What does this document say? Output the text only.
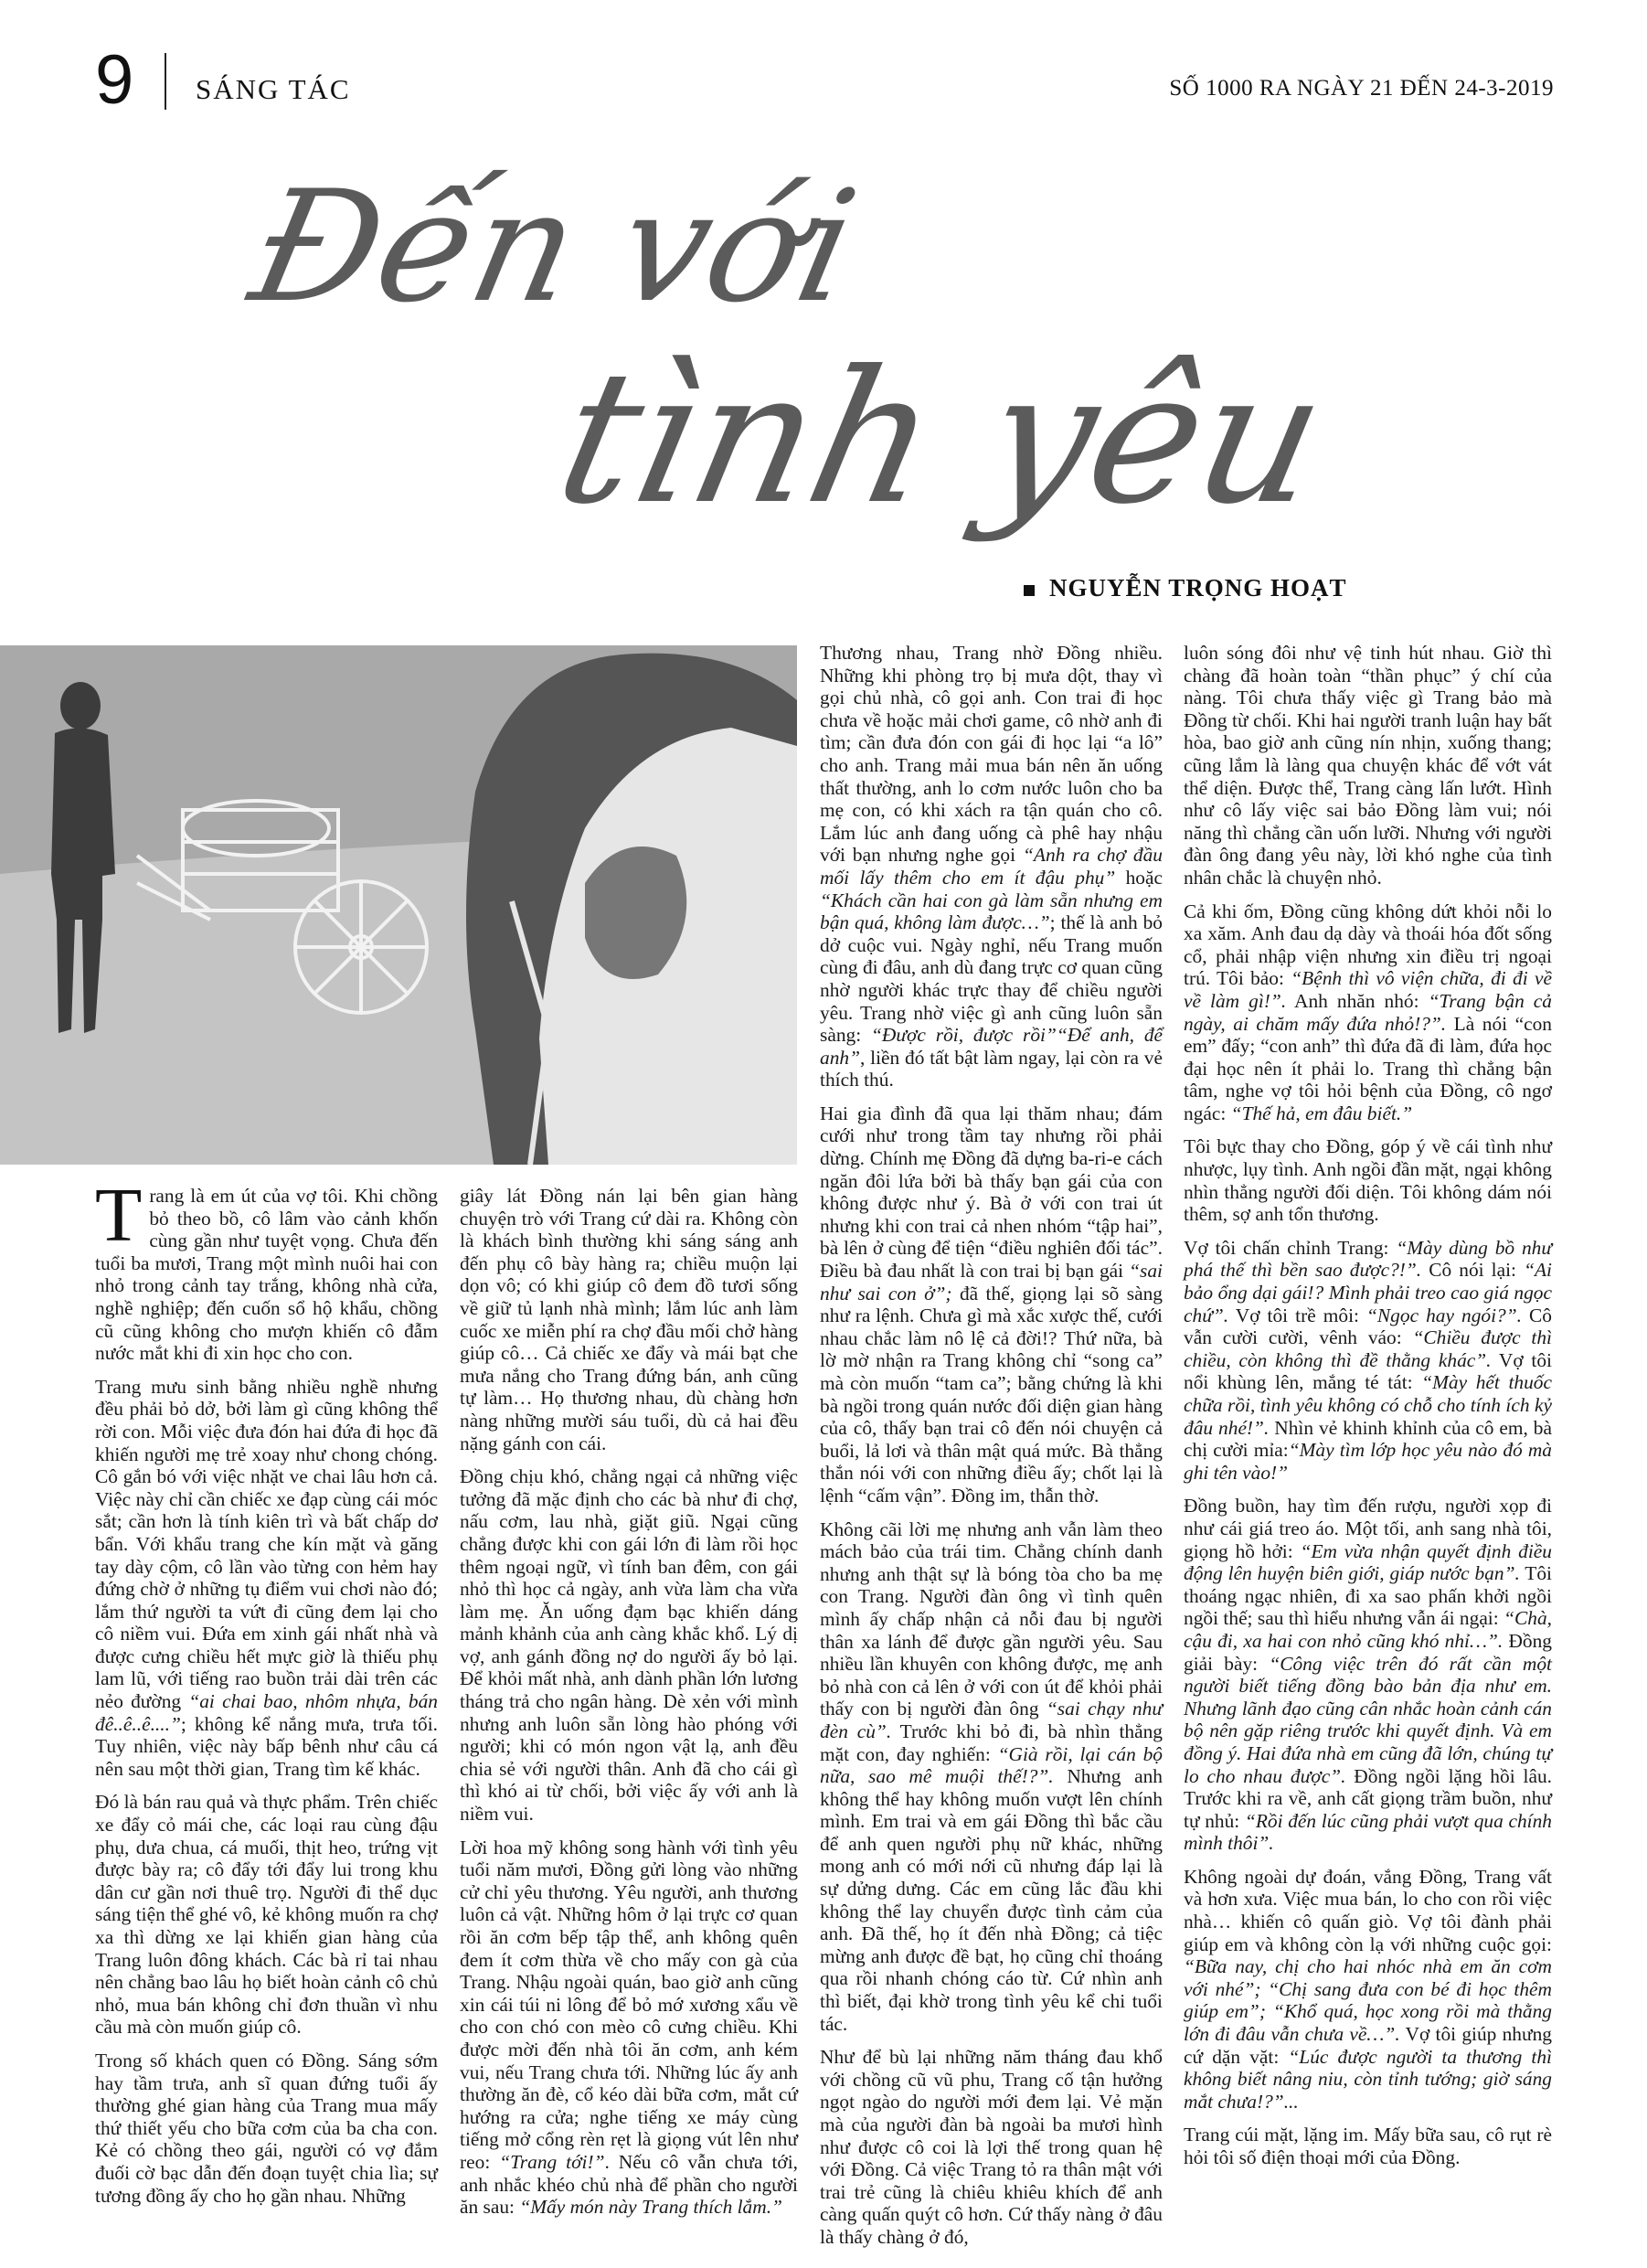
9 SÁNG TÁC	SỐ 1000 RA NGÀY 21 ĐẾN 24-3-2019
Đến với
tình yêu
NGUYỄN TRỌNG HOẠT

Trang là em út của vợ tôi. Khi chồng bỏ theo bồ, cô lâm vào cảnh khốn cùng gần như tuyệt vọng. Chưa đến tuổi ba mươi, Trang một mình nuôi hai con nhỏ trong cảnh tay trắng, không nhà cửa, nghề nghiệp; đến cuốn sổ hộ khẩu, chồng cũ cũng không cho mượn khiến cô đẫm nước mắt khi đi xin học cho con.

Trang mưu sinh bằng nhiều nghề nhưng đều phải bỏ dở, bởi làm gì cũng không thể rời con. Mỗi việc đưa đón hai đứa đi học đã khiến người mẹ trẻ xoay như chong chóng. Cô gắn bó với việc nhặt ve chai lâu hơn cả. Việc này chỉ cần chiếc xe đạp cùng cái móc sắt; cần hơn là tính kiên trì và bất chấp dơ bẩn. Với khẩu trang che kín mặt và găng tay dày cộm, cô lần vào từng con hẻm hay đứng chờ ở những tụ điểm vui chơi nào đó; lắm thứ người ta vứt đi cũng đem lại cho cô niềm vui. Đứa em xinh gái nhất nhà và được cưng chiều hết mực giờ là thiếu phụ lam lũ, với tiếng rao buồn trải dài trên các nẻo đường “ai chai bao, nhôm nhựa, bán đê..ê..ê....”; không kể nắng mưa, trưa tối. Tuy nhiên, việc này bấp bênh như câu cá nên sau một thời gian, Trang tìm kế khác.

Đó là bán rau quả và thực phẩm. Trên chiếc xe đẩy cỏ mái che, các loại rau cùng đậu phụ, dưa chua, cá muối, thịt heo, trứng vịt được bày ra; cô đẩy tới đẩy lui trong khu dân cư gần nơi thuê trọ. Người đi thể dục sáng tiện thể ghé vô, kẻ không muốn ra chợ xa thì dừng xe lại khiến gian hàng của Trang luôn đông khách. Các bà rỉ tai nhau nên chẳng bao lâu họ biết hoàn cảnh cô chủ nhỏ, mua bán không chỉ đơn thuần vì nhu cầu mà còn muốn giúp cô.

Trong số khách quen có Đồng. Sáng sớm hay tầm trưa, anh sĩ quan đứng tuổi ấy thường ghé gian hàng của Trang mua mấy thứ thiết yếu cho bữa cơm của ba cha con. Kẻ có chồng theo gái, người có vợ đắm đuối cờ bạc dẫn đến đoạn tuyệt chia lìa; sự tương đồng ấy cho họ gần nhau. Những

giây lát Đồng nán lại bên gian hàng chuyện trò với Trang cứ dài ra. Không còn là khách bình thường khi sáng sáng anh đến phụ cô bày hàng ra; chiều muộn lại dọn vô; có khi giúp cô đem đồ tươi sống về giữ tủ lạnh nhà mình; lắm lúc anh làm cuốc xe miễn phí ra chợ đầu mối chở hàng giúp cô… Cả chiếc xe đẩy và mái bạt che mưa nắng cho Trang đứng bán, anh cũng tự làm… Họ thương nhau, dù chàng hơn nàng những mười sáu tuổi, dù cả hai đều nặng gánh con cái.

Đồng chịu khó, chẳng ngại cả những việc tưởng đã mặc định cho các bà như đi chợ, nấu cơm, lau nhà, giặt giũ. Ngại cũng chẳng được khi con gái lớn đi làm rồi học thêm ngoại ngữ, vì tính ban đêm, con gái nhỏ thì học cả ngày, anh vừa làm cha vừa làm mẹ. Ăn uống đạm bạc khiến dáng mảnh khảnh của anh càng khắc khổ. Lý dị vợ, anh gánh đồng nợ do người ấy bỏ lại. Để khỏi mất nhà, anh dành phần lớn lương tháng trả cho ngân hàng. Dè xẻn với mình nhưng anh luôn sẵn lòng hào phóng với người; khi có món ngon vật lạ, anh đều chia sẻ với người thân. Anh đã cho cái gì thì khó ai từ chối, bởi việc ấy với anh là niềm vui.

Lời hoa mỹ không song hành với tình yêu tuổi năm mươi, Đồng gửi lòng vào những cử chỉ yêu thương. Yêu người, anh thương luôn cả vật. Những hôm ở lại trực cơ quan rồi ăn cơm bếp tập thể, anh không quên đem ít cơm thừa về cho mấy con gà của Trang. Nhậu ngoài quán, bao giờ anh cũng xin cái túi ni lông để bỏ mớ xương xẩu về cho con chó con mèo cô cưng chiều. Khi được mời đến nhà tôi ăn cơm, anh kém vui, nếu Trang chưa tới. Những lúc ấy anh thường ăn đè, cổ kéo dài bữa cơm, mắt cứ hướng ra cửa; nghe tiếng xe máy cùng tiếng mở cổng rèn rẹt là giọng vút lên như reo: “Trang tới!”. Nếu cô vẫn chưa tới, anh nhắc khéo chủ nhà để phần cho người ăn sau: “Mấy món này Trang thích lắm.”

Thương nhau, Trang nhờ Đồng nhiều. Những khi phòng trọ bị mưa dột, thay vì gọi chủ nhà, cô gọi anh. Con trai đi học chưa về hoặc mải chơi game, cô nhờ anh đi tìm; cần đưa đón con gái đi học lại “a lô” cho anh. Trang mải mua bán nên ăn uống thất thường, anh lo cơm nước luôn cho ba mẹ con, có khi xách ra tận quán cho cô. Lắm lúc anh đang uống cà phê hay nhậu với bạn nhưng nghe gọi “Anh ra chợ đầu mối lấy thêm cho em ít đậu phụ” hoặc “Khách cần hai con gà làm sẵn nhưng em bận quá, không làm được…”; thế là anh bỏ dở cuộc vui. Ngày nghỉ, nếu Trang muốn cùng đi đâu, anh dù đang trực cơ quan cũng nhờ người khác trực thay để chiều người yêu. Trang nhờ việc gì anh cũng luôn sẵn sàng: “Được rồi, được rồi”“Để anh, để anh”, liền đó tất bật làm ngay, lại còn ra vẻ thích thú.

Hai gia đình đã qua lại thăm nhau; đám cưới như trong tầm tay nhưng rồi phải dừng. Chính mẹ Đồng đã dựng ba-ri-e cách ngăn đôi lứa bởi bà thấy bạn gái của con không được như ý. Bà ở với con trai út nhưng khi con trai cả nhen nhóm “tập hai”, bà lên ở cùng để tiện “điều nghiên đối tác”. Điều bà đau nhất là con trai bị bạn gái “sai như sai con ở”; đã thế, giọng lại sõ sàng như ra lệnh. Chưa gì mà xắc xược thế, cưới nhau chắc làm nô lệ cả đời!? Thứ nữa, bà lờ mờ nhận ra Trang không chỉ “song ca” mà còn muốn “tam ca”; bằng chứng là khi bà ngồi trong quán nước đối diện gian hàng của cô, thấy bạn trai cô đến nói chuyện cả buổi, lả lơi và thân mật quá mức. Bà thẳng thắn nói với con những điều ấy; chốt lại là lệnh “cấm vận”. Đồng im, thẫn thờ.

Không cãi lời mẹ nhưng anh vẫn làm theo mách bảo của trái tim. Chẳng chính danh nhưng anh thật sự là bóng tòa cho ba mẹ con Trang. Người đàn ông vì tình quên mình ấy chấp nhận cả nỗi đau bị người thân xa lánh để được gần người yêu. Sau nhiều lần khuyên con không được, mẹ anh bỏ nhà con cả lên ở với con út để khỏi phải thấy con bị người đàn ông “sai chạy như đèn cù”. Trước khi bỏ đi, bà nhìn thẳng mặt con, đay nghiến: “Già rồi, lại cán bộ nữa, sao mê muội thế!?”. Nhưng anh không thể hay không muốn vượt lên chính mình. Em trai và em gái Đồng thì bắc cầu để anh quen người phụ nữ khác, những mong anh có mới nới cũ nhưng đáp lại là sự dửng dưng. Các em cũng lắc đầu khi không thể lay chuyển được tình cảm của anh. Đã thế, họ ít đến nhà Đồng; cả tiệc mừng anh được đề bạt, họ cũng chỉ thoáng qua rồi nhanh chóng cáo từ. Cứ nhìn anh thì biết, đại khờ trong tình yêu kể chi tuổi tác.

Như để bù lại những năm tháng đau khổ với chồng cũ vũ phu, Trang cố tận hưởng ngọt ngào do người mới đem lại. Vẻ mặn mà của người đàn bà ngoài ba mươi hình như được cô coi là lợi thế trong quan hệ với Đồng. Cả việc Trang tỏ ra thân mật với trai trẻ cũng là chiêu khiêu khích để anh càng quấn quýt cô hơn. Cứ thấy nàng ở đâu là thấy chàng ở đó,

luôn sóng đôi như vệ tinh hút nhau. Giờ thì chàng đã hoàn toàn “thần phục” ý chí của nàng. Tôi chưa thấy việc gì Trang bảo mà Đồng từ chối. Khi hai người tranh luận hay bất hòa, bao giờ anh cũng nín nhịn, xuống thang; cũng lắm là làng qua chuyện khác để vớt vát thể diện. Được thể, Trang càng lấn lướt. Hình như cô lấy việc sai bảo Đồng làm vui; nói năng thì chẳng cần uốn lưỡi. Nhưng với người đàn ông đang yêu này, lời khó nghe của tình nhân chắc là chuyện nhỏ.

Cả khi ốm, Đồng cũng không dứt khỏi nỗi lo xa xăm. Anh đau dạ dày và thoái hóa đốt sống cổ, phải nhập viện nhưng xin điều trị ngoại trú. Tôi bảo: “Bệnh thì vô viện chữa, đi đi về về làm gì!”. Anh nhăn nhó: “Trang bận cả ngày, ai chăm mấy đứa nhỏ!?”. Là nói “con em” đấy; “con anh” thì đứa đã đi làm, đứa học đại học nên ít phải lo. Trang thì chẳng bận tâm, nghe vợ tôi hỏi bệnh của Đồng, cô ngơ ngác: “Thế hả, em đâu biết.”

Tôi bực thay cho Đồng, góp ý về cái tình như nhược, lụy tình. Anh ngồi đần mặt, ngại không nhìn thẳng người đối diện. Tôi không dám nói thêm, sợ anh tổn thương.

Vợ tôi chấn chỉnh Trang: “Mày dùng bồ như phá thế thì bền sao được?!”. Cô nói lại: “Ai bảo ổng dại gái!? Mình phải treo cao giá ngọc chứ”. Vợ tôi trề môi: “Ngọc hay ngói?”. Cô vẫn cười cười, vênh váo: “Chiều được thì chiều, còn không thì đề thằng khác”. Vợ tôi nổi khùng lên, mắng té tát: “Mày hết thuốc chữa rồi, tình yêu không có chỗ cho tính ích kỷ đâu nhé!”. Nhìn vẻ khinh khỉnh của cô em, bà chị cười mỉa:“Mày tìm lớp học yêu nào đó mà ghi tên vào!”

Đồng buồn, hay tìm đến rượu, người xọp đi như cái giá treo áo. Một tối, anh sang nhà tôi, giọng hồ hởi: “Em vừa nhận quyết định điều động lên huyện biên giới, giáp nước bạn”. Tôi thoáng ngạc nhiên, đi xa sao phấn khởi ngồi ngồi thế; sau thì hiểu nhưng vẫn ái ngại: “Chà, cậu đi, xa hai con nhỏ cũng khó nhỉ…”. Đồng giải bày: “Công việc trên đó rất cần một người biết tiếng đồng bào bản địa như em. Nhưng lãnh đạo cũng cân nhắc hoàn cảnh cán bộ nên gặp riêng trước khi quyết định. Và em đồng ý. Hai đứa nhà em cũng đã lớn, chúng tự lo cho nhau được”. Đồng ngồi lặng hồi lâu. Trước khi ra về, anh cất giọng trầm buồn, như tự nhủ: “Rồi đến lúc cũng phải vượt qua chính mình thôi”.

Không ngoài dự đoán, vắng Đồng, Trang vất và hơn xưa. Việc mua bán, lo cho con rồi việc nhà… khiến cô quấn giò. Vợ tôi đành phải giúp em và không còn lạ với những cuộc gọi: “Bữa nay, chị cho hai nhóc nhà em ăn cơm với nhé”; “Chị sang đưa con bé đi học thêm giúp em”; “Khổ quá, học xong rồi mà thằng lớn đi đâu vẫn chưa về…”. Vợ tôi giúp nhưng cứ dặn vặt: “Lúc được người ta thương thì không biết nâng niu, còn tỉnh tướng; giờ sáng mắt chưa!?”...

Trang cúi mặt, lặng im. Mấy bữa sau, cô rụt rè hỏi tôi số điện thoại mới của Đồng.
